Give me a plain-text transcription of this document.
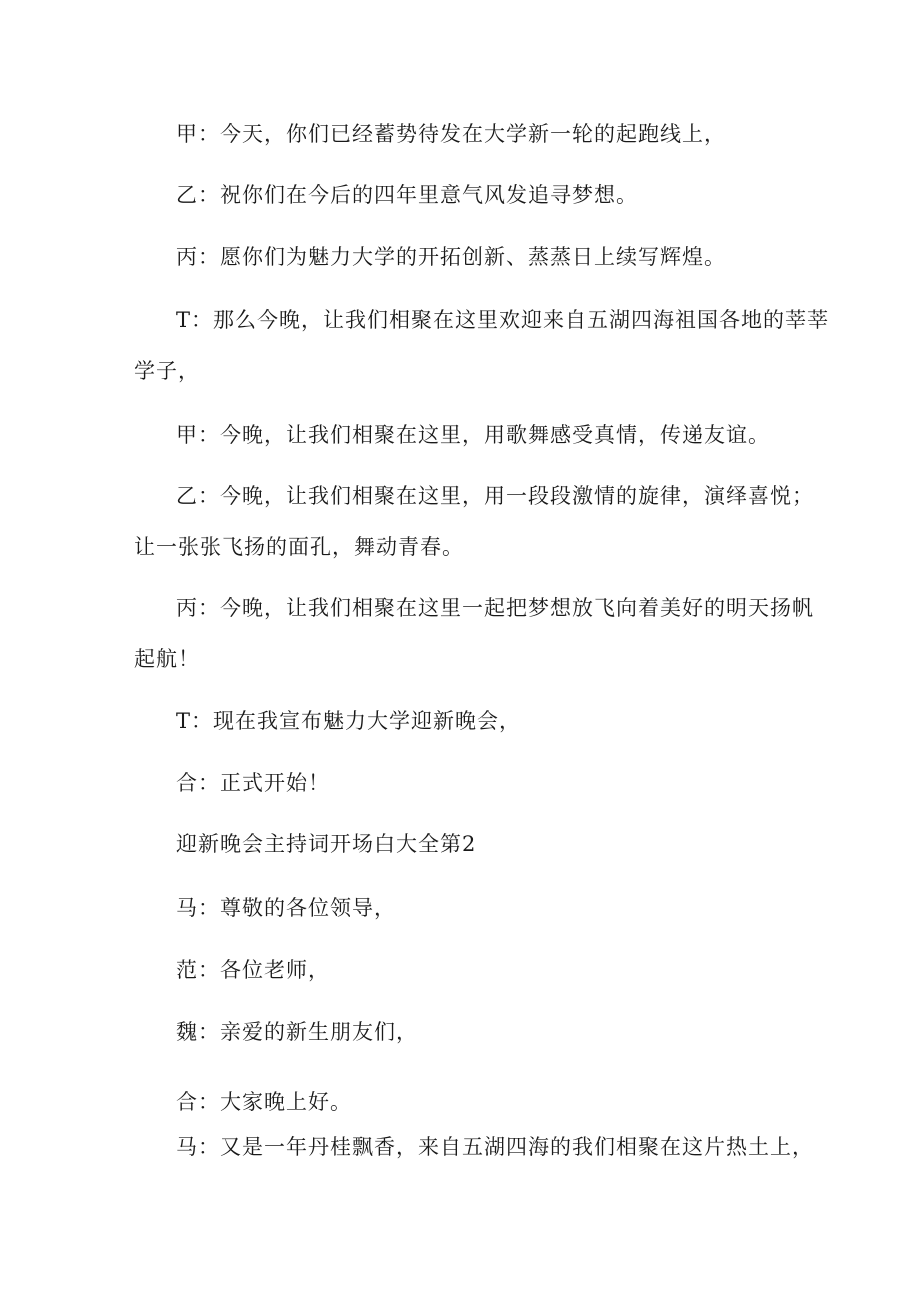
甲：今天，你们已经蓄势待发在大学新一轮的起跑线上，
乙：祝你们在今后的四年里意气风发追寻梦想。
丙：愿你们为魅力大学的开拓创新、蒸蒸日上续写辉煌。
T：那么今晚，让我们相聚在这里欢迎来自五湖四海祖国各地的莘莘
学子，
甲：今晚，让我们相聚在这里，用歌舞感受真情，传递友谊。
乙：今晚，让我们相聚在这里，用一段段激情的旋律，演绎喜悦；
让一张张飞扬的面孔，舞动青春。
丙：今晚，让我们相聚在这里一起把梦想放飞向着美好的明天扬帆
起航！
T：现在我宣布魅力大学迎新晚会，
合：正式开始！
迎新晚会主持词开场白大全第2
马：尊敬的各位领导，
范：各位老师，
魏：亲爱的新生朋友们，
合：大家晚上好。
马：又是一年丹桂飘香，来自五湖四海的我们相聚在这片热土上，
